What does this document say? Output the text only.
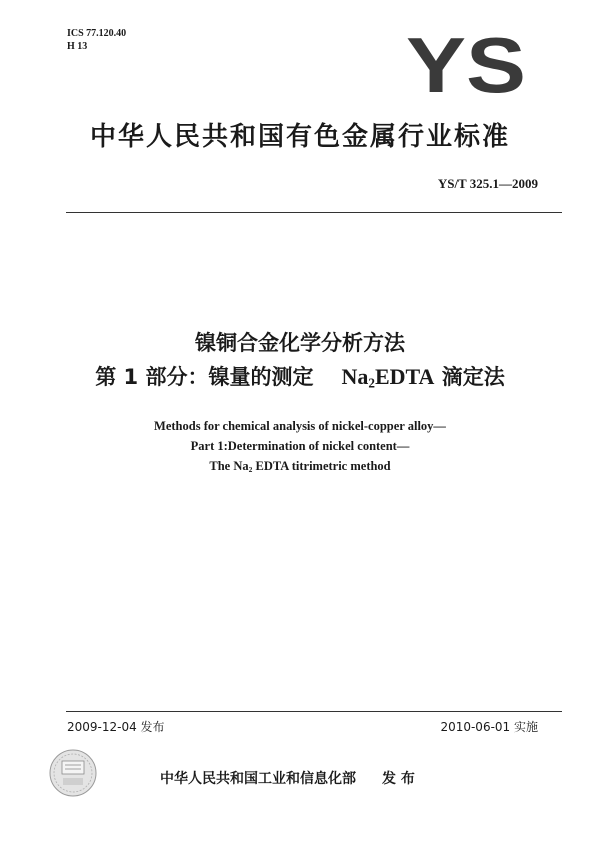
ICS 77.120.40
H 13	YS
中华人民共和国有色金属行业标准
YS/T 325.1—2009
镍铜合金化学分析方法
第 1 部分：镍量的测定 $Na_2EDTA$ 滴定法
Methods for chemical analysis of nickel-copper alloy—
Part 1:Determination of nickel content—
The $Na_2$ EDTA titrimetric method
2009-12-04 发布	2010-06-01 实施
中华人民共和国工业和信息化部 发 布
